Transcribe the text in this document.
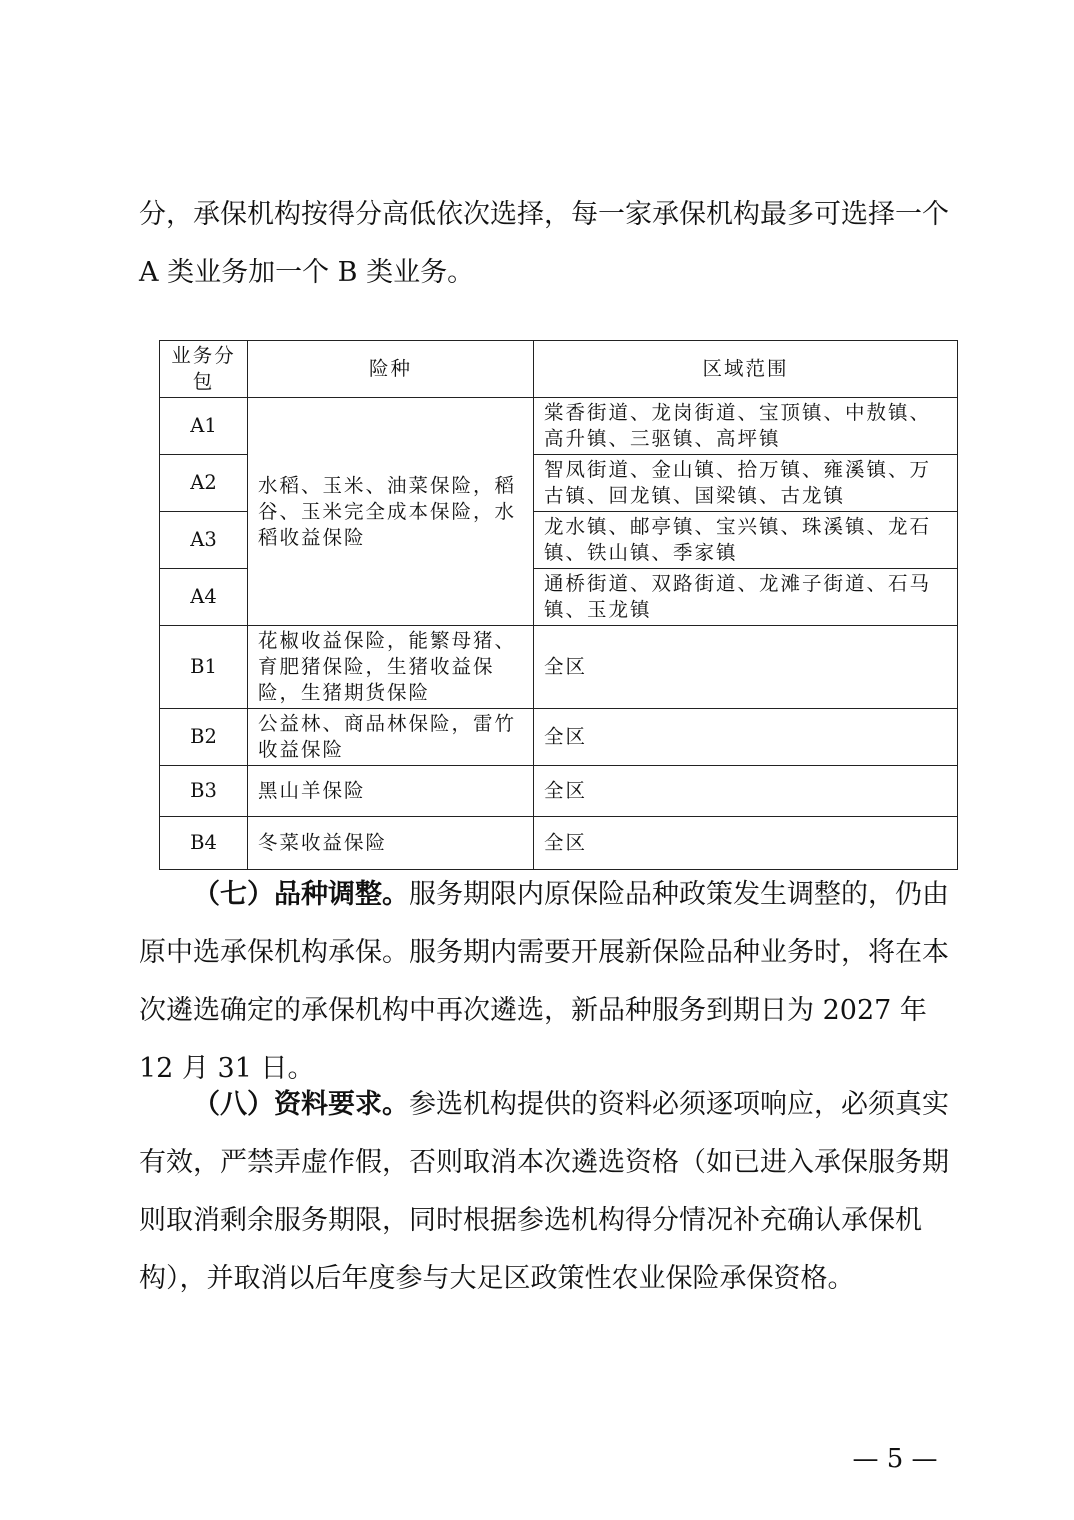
分，承保机构按得分高低依次选择，每一家承保机构最多可选择一个 A 类业务加一个 B 类业务。

业务分包	险种	区域范围
A1	水稻、玉米、油菜保险，稻谷、玉米完全成本保险，水稻收益保险	棠香街道、龙岗街道、宝顶镇、中敖镇、高升镇、三驱镇、高坪镇
A2		智凤街道、金山镇、拾万镇、雍溪镇、万古镇、回龙镇、国梁镇、古龙镇
A3		龙水镇、邮亭镇、宝兴镇、珠溪镇、龙石镇、铁山镇、季家镇
A4		通桥街道、双路街道、龙滩子街道、石马镇、玉龙镇
B1	花椒收益保险，能繁母猪、育肥猪保险，生猪收益保险，生猪期货保险	全区
B2	公益林、商品林保险，雷竹收益保险	全区
B3	黑山羊保险	全区
B4	冬菜收益保险	全区

（七）品种调整。服务期限内原保险品种政策发生调整的，仍由原中选承保机构承保。服务期内需要开展新保险品种业务时，将在本次遴选确定的承保机构中再次遴选，新品种服务到期日为 2027 年 12 月 31 日。

（八）资料要求。参选机构提供的资料必须逐项响应，必须真实有效，严禁弄虚作假，否则取消本次遴选资格（如已进入承保服务期则取消剩余服务期限，同时根据参选机构得分情况补充确认承保机构），并取消以后年度参与大足区政策性农业保险承保资格。

— 5 —
